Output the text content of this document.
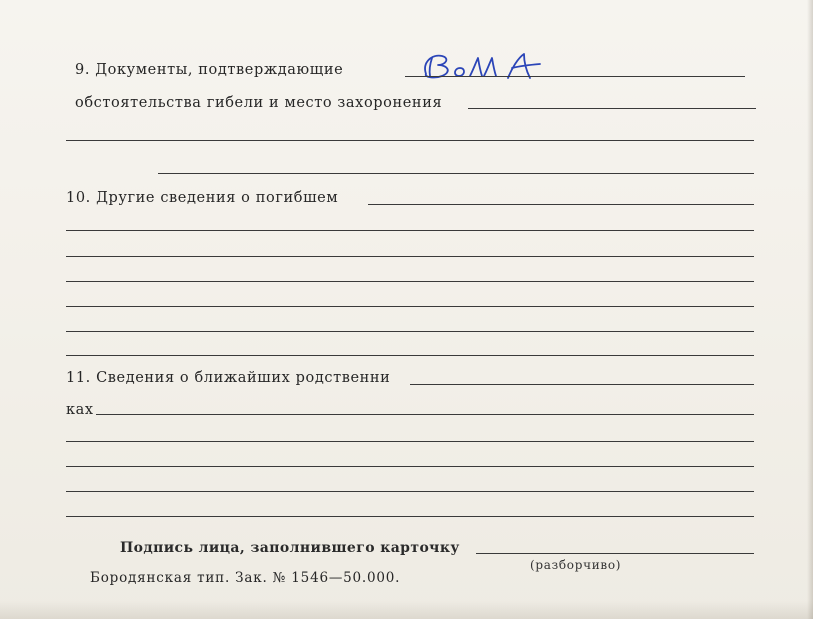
9. Документы, подтверждающие
обстоятельства гибели и место захоронения
10. Другие сведения о погибшем
11. Сведения о ближайших родственни
ках
Подпись лица, заполнившего карточку
(разборчиво)
Бородянская тип. Зак. № 1546—50.000.
